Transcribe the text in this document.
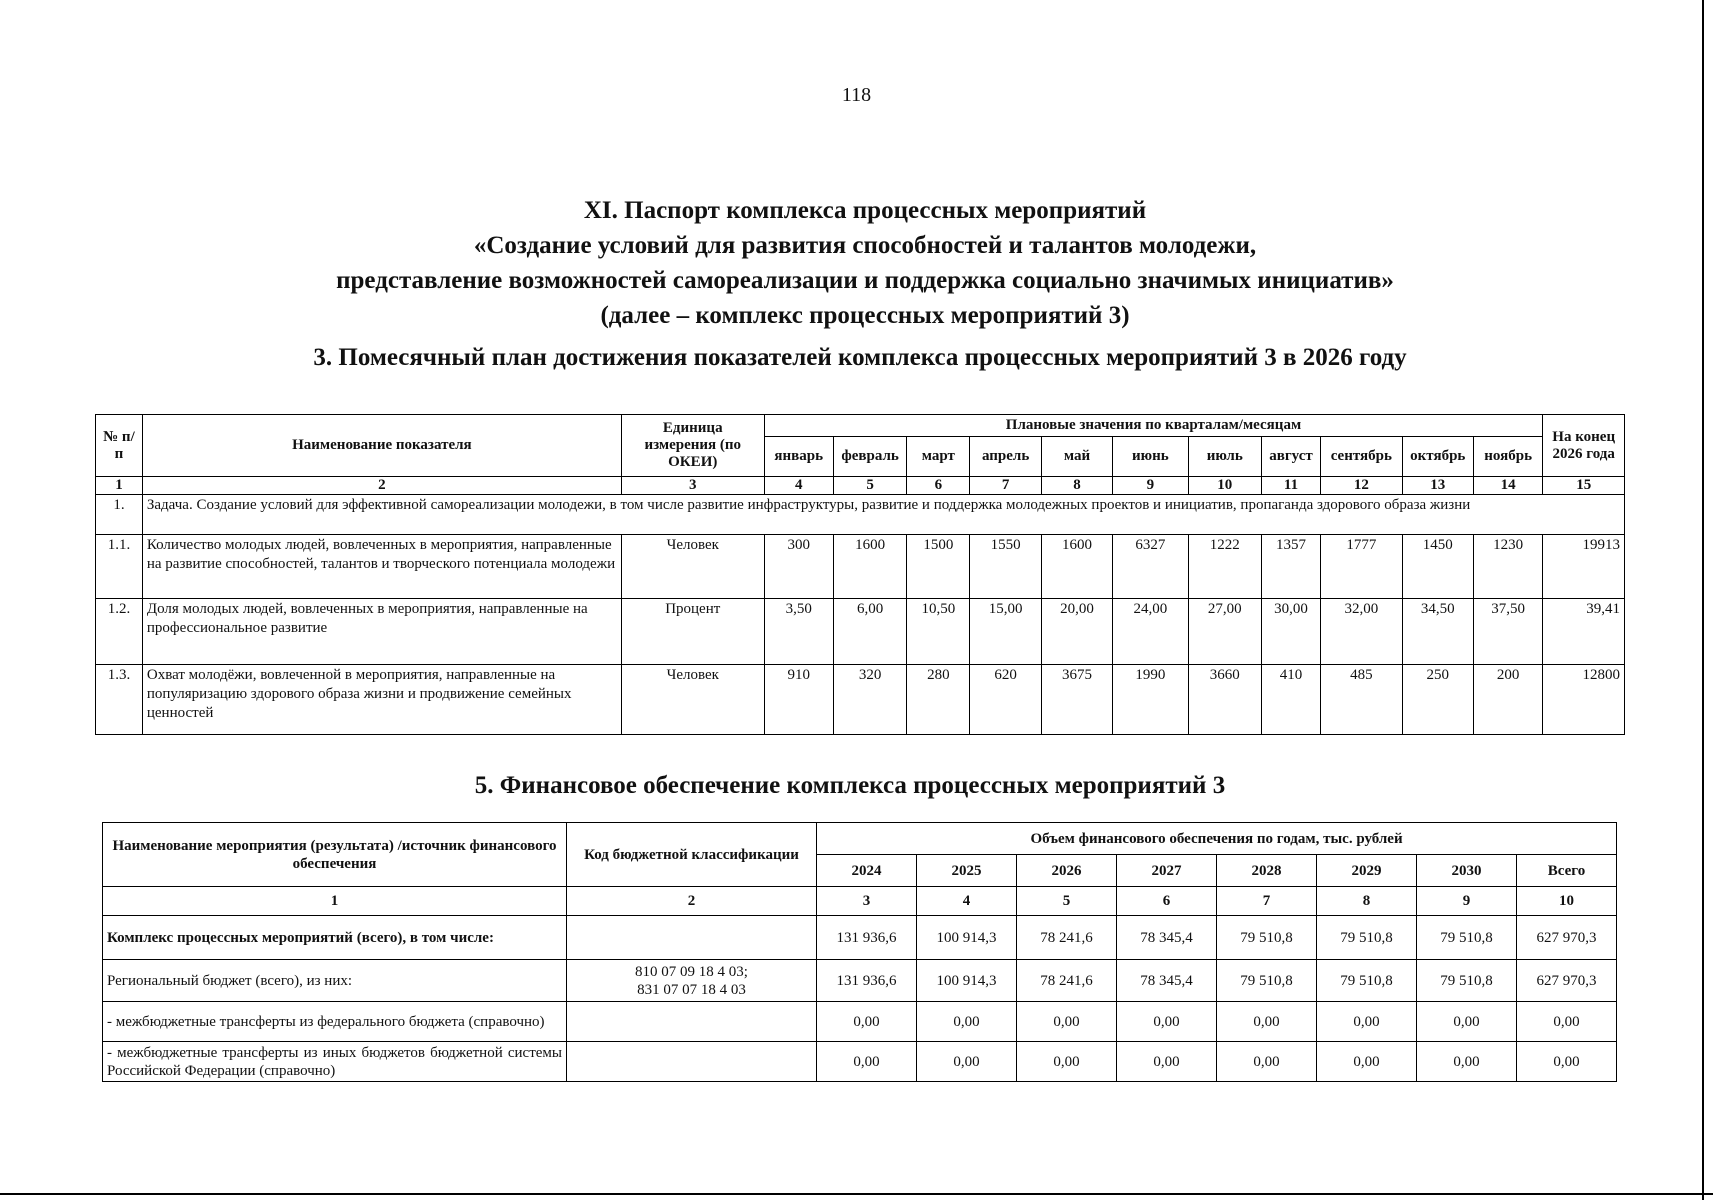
118
XI. Паспорт комплекса процессных мероприятий
«Создание условий для развития способностей и талантов молодежи,
представление возможностей самореализации и поддержка социально значимых инициатив»
(далее – комплекс процессных мероприятий 3)
3. Помесячный план достижения показателей комплекса процессных мероприятий 3 в 2026 году
№ п/п	Наименование показателя	Единица измерения (по ОКЕИ)	Плановые значения по кварталам/месяцам											На конец 2026 года
			январь	февраль	март	апрель	май	июнь	июль	август	сентябрь	октябрь	ноябрь	
1	2	3	4	5	6	7	8	9	10	11	12	13	14	15
1.	Задача. Создание условий для эффективной самореализации молодежи, в том числе развитие инфраструктуры, развитие и поддержка молодежных проектов и инициатив, пропаганда здорового образа жизни													
1.1.	Количество молодых людей, вовлеченных в мероприятия, направленные на развитие способностей, талантов и творческого потенциала молодежи	Человек	300	1600	1500	1550	1600	6327	1222	1357	1777	1450	1230	19913
1.2.	Доля молодых людей, вовлеченных в мероприятия, направленные на профессиональное развитие	Процент	3,50	6,00	10,50	15,00	20,00	24,00	27,00	30,00	32,00	34,50	37,50	39,41
1.3.	Охват молодёжи, вовлеченной в мероприятия, направленные на популяризацию здорового образа жизни и продвижение семейных ценностей	Человек	910	320	280	620	3675	1990	3660	410	485	250	200	12800
5. Финансовое обеспечение комплекса процессных мероприятий 3
Наименование мероприятия (результата) /источник финансового обеспечения	Код бюджетной классификации	Объем финансового обеспечения по годам, тыс. рублей							
		2024	2025	2026	2027	2028	2029	2030	Всего
1	2	3	4	5	6	7	8	9	10
Комплекс процессных мероприятий (всего), в том числе:		131 936,6	100 914,3	78 241,6	78 345,4	79 510,8	79 510,8	79 510,8	627 970,3
Региональный бюджет (всего), из них:	810 07 09 18 4 03;
831 07 07 18 4 03	131 936,6	100 914,3	78 241,6	78 345,4	79 510,8	79 510,8	79 510,8	627 970,3
- межбюджетные трансферты из федерального бюджета (справочно)		0,00	0,00	0,00	0,00	0,00	0,00	0,00	0,00
- межбюджетные трансферты из иных бюджетов бюджетной системы Российской Федерации (справочно)		0,00	0,00	0,00	0,00	0,00	0,00	0,00	0,00
